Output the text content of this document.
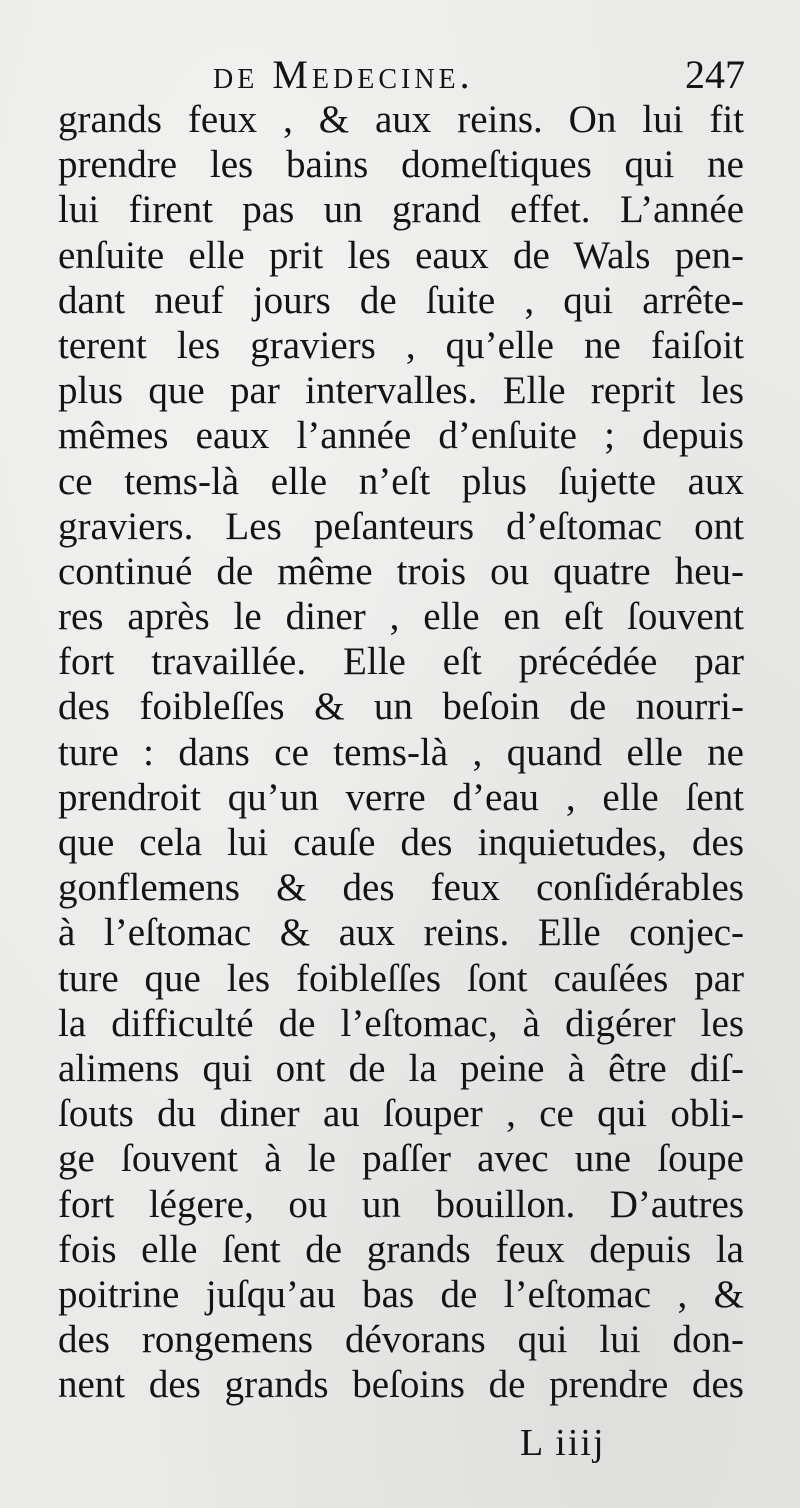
de Medecine.	247
grands feux , & aux reins. On lui fit
prendre les bains domeſtiques qui ne
lui firent pas un grand effet. L’année
enſuite elle prit les eaux de Wals pen-
dant neuf jours de ſuite , qui arrête-
terent les graviers , qu’elle ne faiſoit
plus que par intervalles. Elle reprit les
mêmes eaux l’année d’enſuite ; depuis
ce tems-là elle n’eſt plus ſujette aux
graviers. Les peſanteurs d’eſtomac ont
continué de même trois ou quatre heu-
res après le diner , elle en eſt ſouvent
fort travaillée. Elle eſt précédée par
des foibleſſes & un beſoin de nourri-
ture : dans ce tems-là , quand elle ne
prendroit qu’un verre d’eau , elle ſent
que cela lui cauſe des inquietudes, des
gonflemens & des feux conſidérables
à l’eſtomac & aux reins. Elle conjec-
ture que les foibleſſes ſont cauſées par
la difficulté de l’eſtomac, à digérer les
alimens qui ont de la peine à être diſ-
ſouts du diner au ſouper , ce qui obli-
ge ſouvent à le paſſer avec une ſoupe
fort légere, ou un bouillon. D’autres
fois elle ſent de grands feux depuis la
poitrine juſqu’au bas de l’eſtomac , &
des rongemens dévorans qui lui don-
nent des grands beſoins de prendre des
L iiij
